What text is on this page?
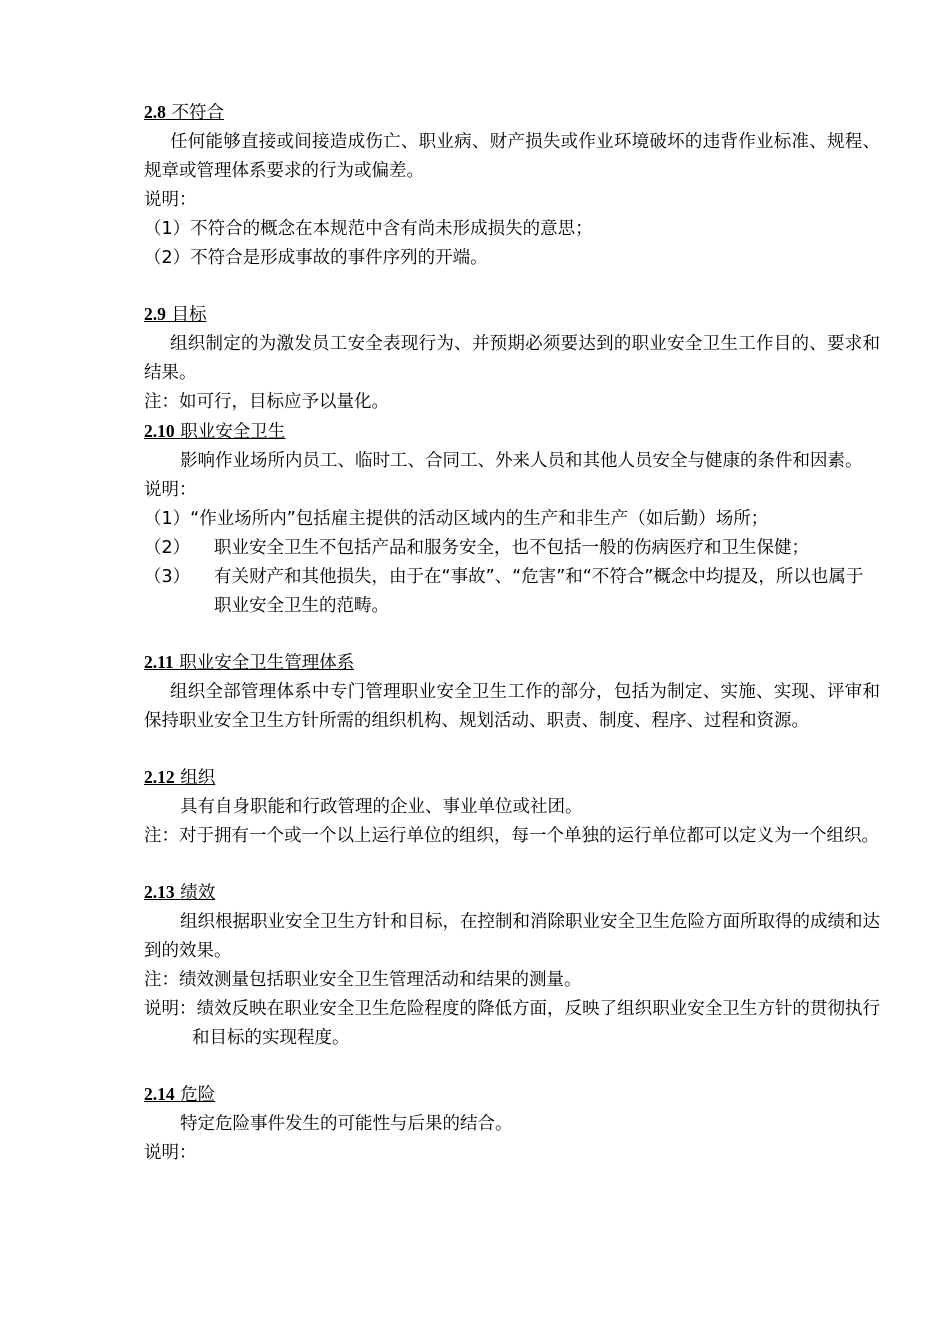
2.8 不符合

任何能够直接或间接造成伤亡、职业病、财产损失或作业环境破坏的违背作业标准、规程、规章或管理体系要求的行为或偏差。

说明：

（1） 不符合的概念在本规范中含有尚未形成损失的意思；
（2） 不符合是形成事故的事件序列的开端。
2.9 目标

组织制定的为激发员工安全表现行为、并预期必须要达到的职业安全卫生工作目的、要求和结果。

注：如可行，目标应予以量化。

2.10 职业安全卫生

影响作业场所内员工、临时工、合同工、外来人员和其他人员安全与健康的条件和因素。

说明：

（1） “作业场所内”包括雇主提供的活动区域内的生产和非生产（如后勤）场所；
（2）	职业安全卫生不包括产品和服务安全，也不包括一般的伤病医疗和卫生保健；
（3）	有关财产和其他损失，由于在“事故”、“危害”和“不符合”概念中均提及，所以也属于职业安全卫生的范畴。
2.11 职业安全卫生管理体系

组织全部管理体系中专门管理职业安全卫生工作的部分，包括为制定、实施、实现、评审和保持职业安全卫生方针所需的组织机构、规划活动、职责、制度、程序、过程和资源。

2.12 组织

具有自身职能和行政管理的企业、事业单位或社团。

注：对于拥有一个或一个以上运行单位的组织，每一个单独的运行单位都可以定义为一个组织。

2.13 绩效

组织根据职业安全卫生方针和目标，在控制和消除职业安全卫生危险方面所取得的成绩和达到的效果。

注：绩效测量包括职业安全卫生管理活动和结果的测量。

说明：绩效反映在职业安全卫生危险程度的降低方面，反映了组织职业安全卫生方针的贯彻执行和目标的实现程度。

2.14 危险

特定危险事件发生的可能性与后果的结合。

说明：
